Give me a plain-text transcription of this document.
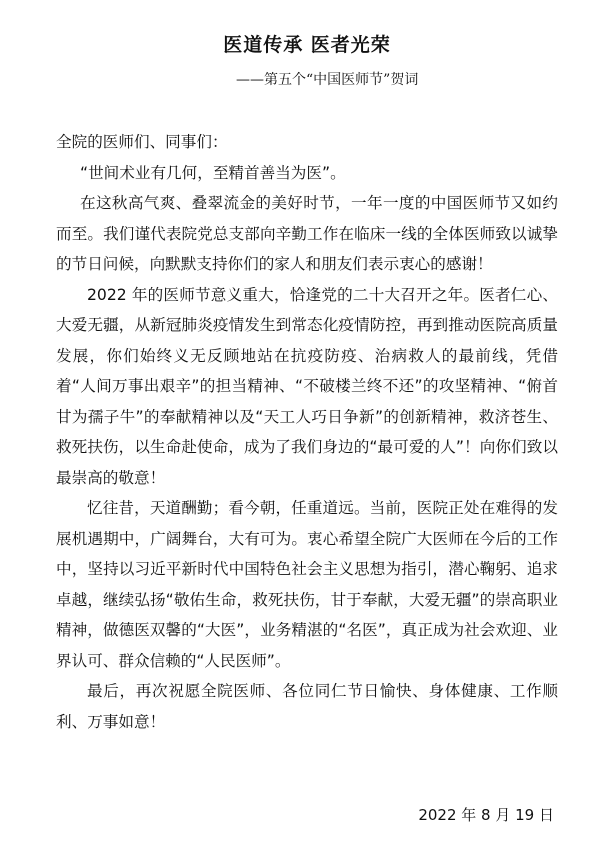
医道传承 医者光荣
——第五个“中国医师节”贺词

全院的医师们、同事们：

“世间术业有几何，至精首善当为医”。

在这秋高气爽、叠翠流金的美好时节，一年一度的中国医师节又如约而至。我们谨代表院党总支部向辛勤工作在临床一线的全体医师致以诚挚的节日问候，向默默支持你们的家人和朋友们表示衷心的感谢！

2022 年的医师节意义重大，恰逢党的二十大召开之年。医者仁心、大爱无疆，从新冠肺炎疫情发生到常态化疫情防控，再到推动医院高质量发展，你们始终义无反顾地站在抗疫防疫、治病救人的最前线，凭借着“人间万事出艰辛”的担当精神、“不破楼兰终不还”的攻坚精神、“俯首甘为孺子牛”的奉献精神以及“天工人巧日争新”的创新精神，救济苍生、救死扶伤，以生命赴使命，成为了我们身边的“最可爱的人”！向你们致以最崇高的敬意！

忆往昔，天道酬勤；看今朝，任重道远。当前，医院正处在难得的发展机遇期中，广阔舞台，大有可为。衷心希望全院广大医师在今后的工作中，坚持以习近平新时代中国特色社会主义思想为指引，潜心鞠躬、追求卓越，继续弘扬“敬佑生命，救死扶伤，甘于奉献，大爱无疆”的崇高职业精神，做德医双馨的“大医”，业务精湛的“名医”，真正成为社会欢迎、业界认可、群众信赖的“人民医师”。

最后，再次祝愿全院医师、各位同仁节日愉快、身体健康、工作顺利、万事如意！

2022 年 8 月 19 日
